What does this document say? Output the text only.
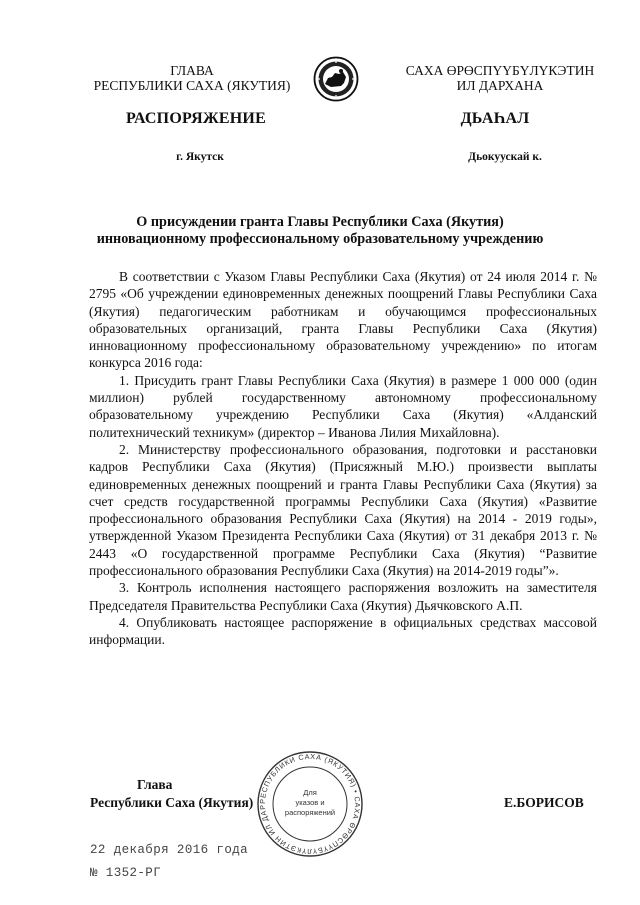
ГЛАВА
РЕСПУБЛИКИ САХА (ЯКУТИЯ)
САХА ӨРӨСПҮҮБҮЛҮКЭТИН
ИЛ ДАРХАНА
РАСПОРЯЖЕНИЕ	ДЬАҺАЛ
г. Якутск	Дьокуускай к.
О присуждении гранта Главы Республики Саха (Якутия)
инновационному профессиональному образовательному учреждению

В соответствии с Указом Главы Республики Саха (Якутия) от 24 июля 2014 г. № 2795 «Об учреждении единовременных денежных поощрений Главы Республики Саха (Якутия) педагогическим работникам и обучающимся профессиональных образовательных организаций, гранта Главы Республики Саха (Якутия) инновационному профессиональному образовательному учреждению» по итогам конкурса 2016 года:

1. Присудить грант Главы Республики Саха (Якутия) в размере 1 000 000 (один миллион) рублей государственному автономному профессиональному образовательному учреждению Республики Саха (Якутия) «Алданский политехнический техникум» (директор – Иванова Лилия Михайловна).

2. Министерству профессионального образования, подготовки и расстановки кадров Республики Саха (Якутия) (Присяжный М.Ю.) произвести выплаты единовременных денежных поощрений и гранта Главы Республики Саха (Якутия) за счет средств государственной программы Республики Саха (Якутия) «Развитие профессионального образования Республики Саха (Якутия) на 2014 - 2019 годы», утвержденной Указом Президента Республики Саха (Якутия) от 31 декабря 2013 г. № 2443 «О государственной программе Республики Саха (Якутия) “Развитие профессионального образования Республики Саха (Якутия) на 2014-2019 годы”».

3. Контроль исполнения настоящего распоряжения возложить на заместителя Председателя Правительства Республики Саха (Якутия) Дьячковского А.П.

4. Опубликовать настоящее распоряжение в официальных средствах массовой информации.

Глава
Республики Саха (Якутия)	Е.БОРИСОВ
РЕСПУБЛИКИ САХА (ЯКУТИЯ) • САХА ӨРӨСПҮҮБҮЛҮКЭТИН ИЛ ДАР
Для
указов и
распоряжений
22 декабря 2016 года
№ 1352-РГ
